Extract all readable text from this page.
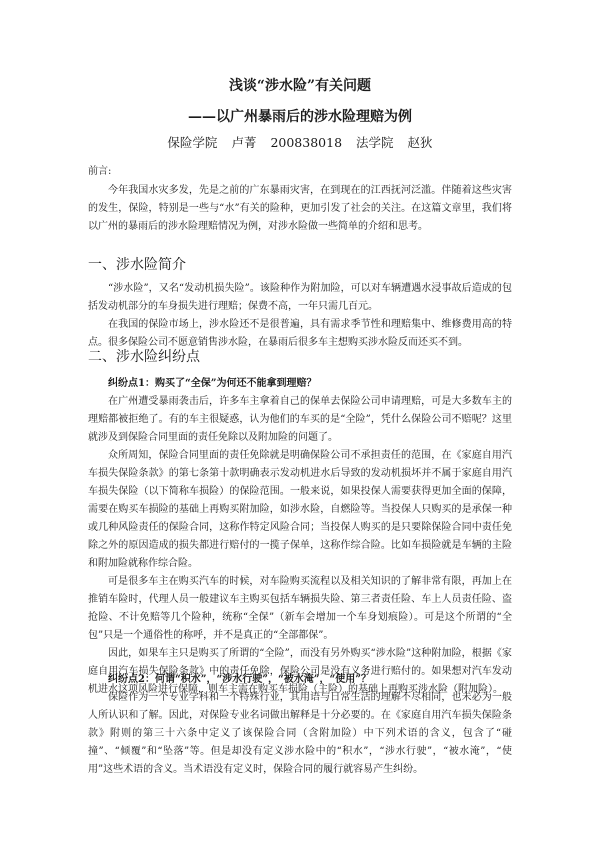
浅谈“涉水险”有关问题
——以广州暴雨后的涉水险理赔为例
保险学院 卢菁 200838018 法学院 赵狄
前言:

今年我国水灾多发，先是之前的广东暴雨灾害，在到现在的江西抚河泛滥。伴随着这些灾害的发生，保险，特别是一些与“水”有关的险种，更加引发了社会的关注。在这篇文章里，我们将以广州的暴雨后的涉水险理赔情况为例，对涉水险做一些简单的介绍和思考。

一、涉水险简介

“涉水险”，又名“发动机损失险”。该险种作为附加险，可以对车辆遭遇水浸事故后造成的包括发动机部分的车身损失进行理赔；保费不高，一年只需几百元。

在我国的保险市场上，涉水险还不是很普遍，具有需求季节性和理赔集中、维修费用高的特点。很多保险公司不愿意销售涉水险，在暴雨后很多车主想购买涉水险反而还买不到。

二、涉水险纠纷点
纠纷点1：购买了“全保”为何还不能拿到理赔？

在广州遭受暴雨袭击后，许多车主拿着自己的保单去保险公司申请理赔，可是大多数车主的理赔都被拒绝了。有的车主很疑惑，认为他们的车买的是“全险”，凭什么保险公司不赔呢？这里就涉及到保险合同里面的责任免除以及附加险的问题了。

众所周知，保险合同里面的责任免除就是明确保险公司不承担责任的范围，在《家庭自用汽车损失保险条款》的第七条第十款明确表示发动机进水后导致的发动机损坏并不属于家庭自用汽车损失保险（以下简称车损险）的保险范围。一般来说，如果投保人需要获得更加全面的保障，需要在购买车损险的基础上再购买附加险，如涉水险，自燃险等。当投保人只购买的是承保一种或几种风险责任的保险合同，这称作特定风险合同；当投保人购买的是只要除保险合同中责任免除之外的原因造成的损失都进行赔付的一揽子保单，这称作综合险。比如车损险就是车辆的主险和附加险就称作综合险。

可是很多车主在购买汽车的时候，对车险购买流程以及相关知识的了解非常有限，再加上在推销车险时，代理人员一般建议车主购买包括车辆损失险、第三者责任险、车上人员责任险、盗抢险、不计免赔等几个险种，统称“全保”（新车会增加一个车身划痕险）。可是这个所谓的“全包”只是一个通俗性的称呼，并不是真正的“全部都保”。

因此，如果车主只是购买了所谓的“全险”，而没有另外购买“涉水险”这种附加险，根据《家庭自用汽车损失保险条款》中的责任免除，保险公司是没有义务进行赔付的。如果想对汽车发动机进水这项风险进行保障，则车主需在购买车损险（主险）的基础上再购买涉水险（附加险）。

纠纷点2：何谓“积水”，“涉水行驶”，“被水淹”，“使用”？

保险作为一个专业学科和一个特殊行业，其用语与日常生活的理解不尽相同，也未必为一般人所认识和了解。因此，对保险专业名词做出解释是十分必要的。在《家庭自用汽车损失保险条款》附则的第三十六条中定义了该保险合同（含附加险）中下列术语的含义，包含了“碰撞”、“倾覆”和“坠落”等。但是却没有定义涉水险中的“积水”，“涉水行驶”，“被水淹”，“使用”这些术语的含义。当术语没有定义时，保险合同的履行就容易产生纠纷。
